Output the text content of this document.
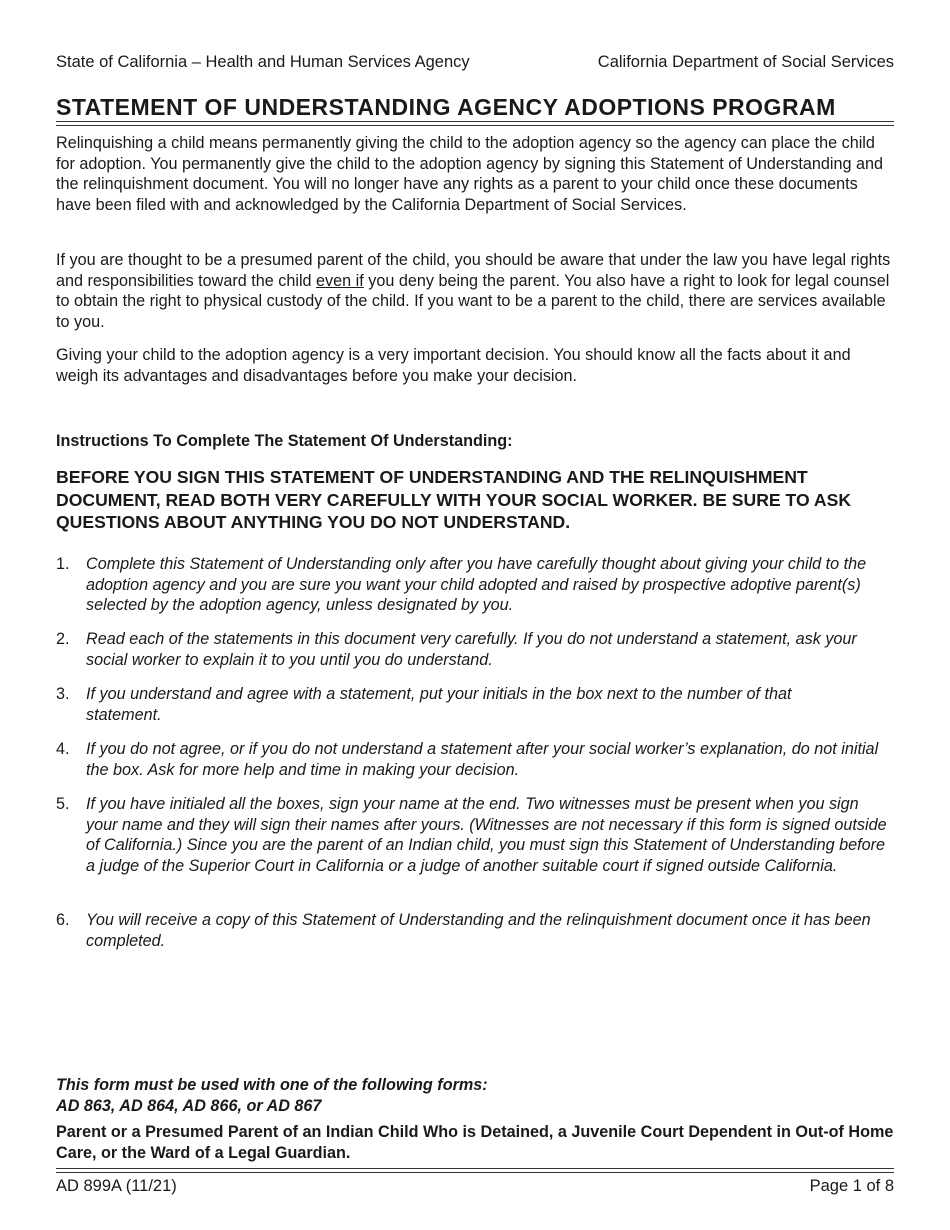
State of California – Health and Human Services Agency	California Department of Social Services
STATEMENT OF UNDERSTANDING AGENCY ADOPTIONS PROGRAM

Relinquishing a child means permanently giving the child to the adoption agency so the agency can place the child for adoption. You permanently give the child to the adoption agency by signing this Statement of Understanding and the relinquishment document. You will no longer have any rights as a parent to your child once these documents have been filed with and acknowledged by the California Department of Social Services.

If you are thought to be a presumed parent of the child, you should be aware that under the law you have legal rights and responsibilities toward the child even if you deny being the parent. You also have a right to look for legal counsel to obtain the right to physical custody of the child. If you want to be a parent to the child, there are services available to you.

Giving your child to the adoption agency is a very important decision. You should know all the facts about it and weigh its advantages and disadvantages before you make your decision.

Instructions To Complete The Statement Of Understanding:

BEFORE YOU SIGN THIS STATEMENT OF UNDERSTANDING AND THE RELINQUISHMENT DOCUMENT, READ BOTH VERY CAREFULLY WITH YOUR SOCIAL WORKER. BE SURE TO ASK QUESTIONS ABOUT ANYTHING YOU DO NOT UNDERSTAND.

1. Complete this Statement of Understanding only after you have carefully thought about giving your child to the adoption agency and you are sure you want your child adopted and raised by prospective adoptive parent(s) selected by the adoption agency, unless designated by you.
2. Read each of the statements in this document very carefully. If you do not understand a statement, ask your social worker to explain it to you until you do understand.
3. If you understand and agree with a statement, put your initials in the box next to the number of that statement.
4. If you do not agree, or if you do not understand a statement after your social worker’s explanation, do not initial the box. Ask for more help and time in making your decision.
5. If you have initialed all the boxes, sign your name at the end. Two witnesses must be present when you sign your name and they will sign their names after yours. (Witnesses are not necessary if this form is signed outside of California.) Since you are the parent of an Indian child, you must sign this Statement of Understanding before a judge of the Superior Court in California or a judge of another suitable court if signed outside California.
6. You will receive a copy of this Statement of Understanding and the relinquishment document once it has been completed.
This form must be used with one of the following forms:
AD 863, AD 864, AD 866, or AD 867

Parent or a Presumed Parent of an Indian Child Who is Detained, a Juvenile Court Dependent in Out-of Home Care, or the Ward of a Legal Guardian.

AD 899A (11/21)	Page 1 of 8
